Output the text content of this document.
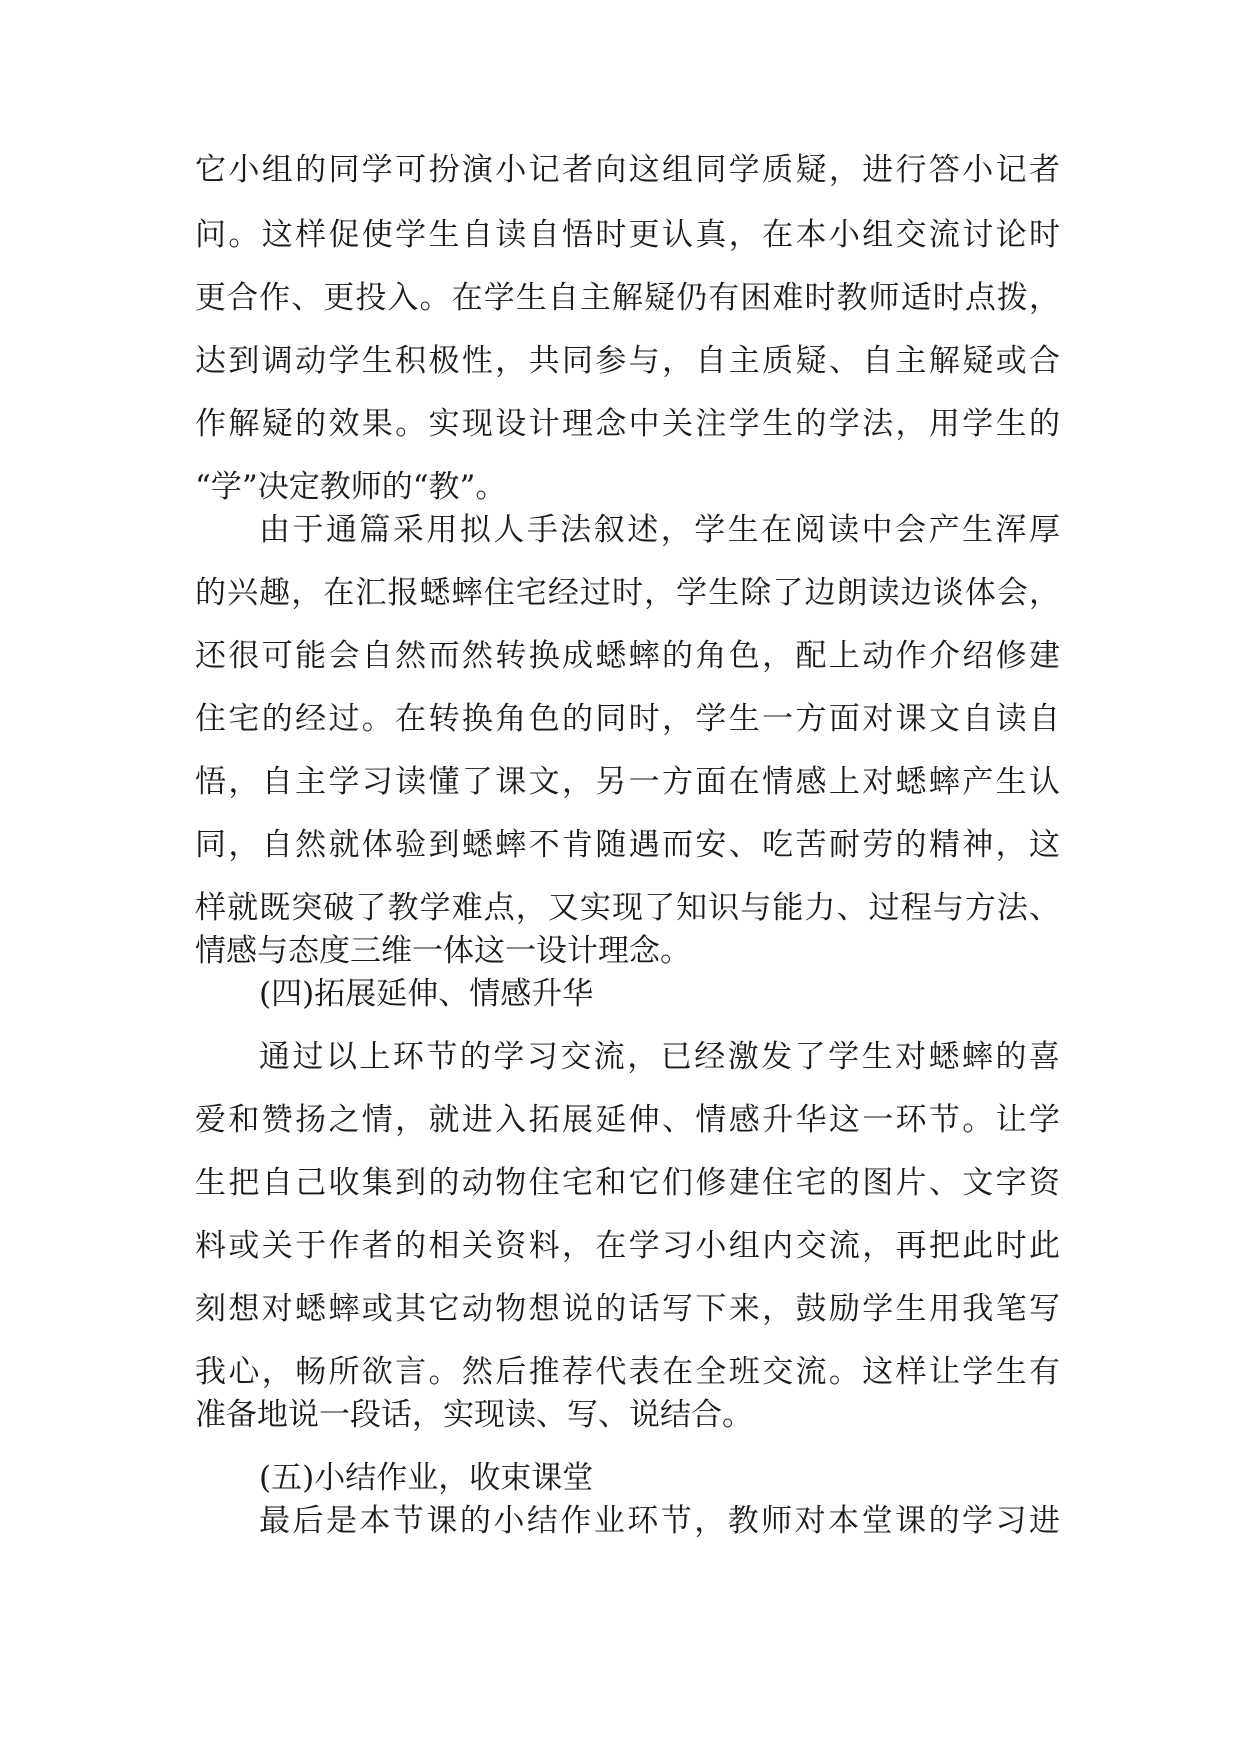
它小组的同学可扮演小记者向这组同学质疑，进行答小记者

问。这样促使学生自读自悟时更认真，在本小组交流讨论时

更合作、更投入。在学生自主解疑仍有困难时教师适时点拨，

达到调动学生积极性，共同参与，自主质疑、自主解疑或合

作解疑的效果。实现设计理念中关注学生的学法，用学生的

“学”决定教师的“教”。

由于通篇采用拟人手法叙述，学生在阅读中会产生浑厚

的兴趣，在汇报蟋蟀住宅经过时，学生除了边朗读边谈体会，

还很可能会自然而然转换成蟋蟀的角色，配上动作介绍修建

住宅的经过。在转换角色的同时，学生一方面对课文自读自

悟，自主学习读懂了课文，另一方面在情感上对蟋蟀产生认

同，自然就体验到蟋蟀不肯随遇而安、吃苦耐劳的精神，这

样就既突破了教学难点，又实现了知识与能力、过程与方法、

情感与态度三维一体这一设计理念。

(四)拓展延伸、情感升华

通过以上环节的学习交流，已经激发了学生对蟋蟀的喜

爱和赞扬之情，就进入拓展延伸、情感升华这一环节。让学

生把自己收集到的动物住宅和它们修建住宅的图片、文字资

料或关于作者的相关资料，在学习小组内交流，再把此时此

刻想对蟋蟀或其它动物想说的话写下来，鼓励学生用我笔写

我心，畅所欲言。然后推荐代表在全班交流。这样让学生有

准备地说一段话，实现读、写、说结合。

(五)小结作业，收束课堂

最后是本节课的小结作业环节，教师对本堂课的学习进
